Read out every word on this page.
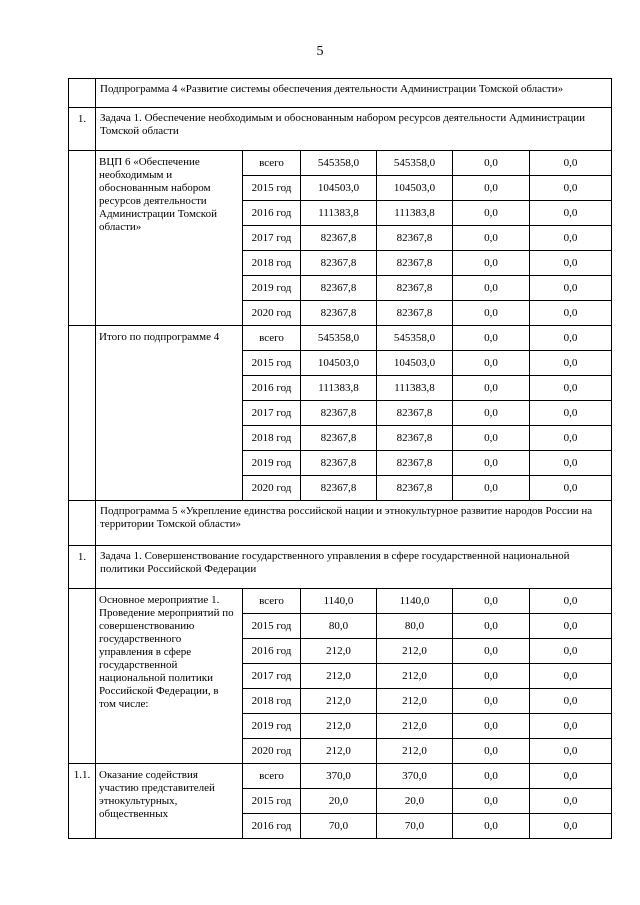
5
	Подпрограмма 4 «Развитие системы обеспечения деятельности Администрации Томской области»					
1.	Задача 1. Обеспечение необходимым и обоснованным набором ресурсов деятельности Администрации Томской области					
	ВЦП 6 «Обеспечение необходимым и обоснованным набором ресурсов деятельности Администрации Томской области»	всего	545358,0	545358,0	0,0	0,0
		2015 год	104503,0	104503,0	0,0	0,0
		2016 год	111383,8	111383,8	0,0	0,0
		2017 год	82367,8	82367,8	0,0	0,0
		2018 год	82367,8	82367,8	0,0	0,0
		2019 год	82367,8	82367,8	0,0	0,0
		2020 год	82367,8	82367,8	0,0	0,0
	Итого по подпрограмме 4	всего	545358,0	545358,0	0,0	0,0
		2015 год	104503,0	104503,0	0,0	0,0
		2016 год	111383,8	111383,8	0,0	0,0
		2017 год	82367,8	82367,8	0,0	0,0
		2018 год	82367,8	82367,8	0,0	0,0
		2019 год	82367,8	82367,8	0,0	0,0
		2020 год	82367,8	82367,8	0,0	0,0
	Подпрограмма 5 «Укрепление единства российской нации и этнокультурное развитие народов России на территории Томской области»					
1.	Задача 1. Совершенствование государственного управления в сфере государственной национальной политики Российской Федерации					
	Основное мероприятие 1. Проведение мероприятий по совершенствованию государственного управления в сфере государственной национальной политики Российской Федерации, в том числе:	всего	1140,0	1140,0	0,0	0,0
		2015 год	80,0	80,0	0,0	0,0
		2016 год	212,0	212,0	0,0	0,0
		2017 год	212,0	212,0	0,0	0,0
		2018 год	212,0	212,0	0,0	0,0
		2019 год	212,0	212,0	0,0	0,0
		2020 год	212,0	212,0	0,0	0,0
1.1.	Оказание содействия участию представителей этнокультурных, общественных	всего	370,0	370,0	0,0	0,0
		2015 год	20,0	20,0	0,0	0,0
		2016 год	70,0	70,0	0,0	0,0
